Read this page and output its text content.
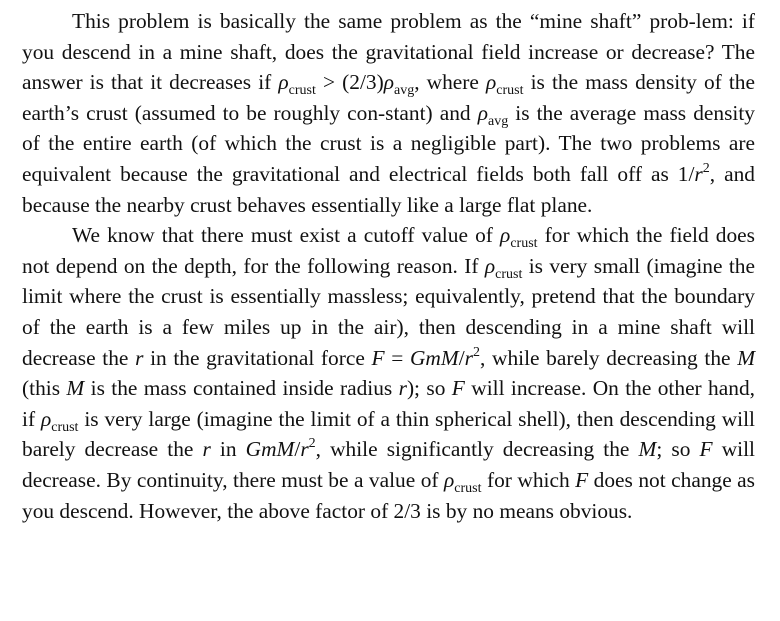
This problem is basically the same problem as the “mine shaft” prob-lem: if you descend in a mine shaft, does the gravitational field increase or decrease? The answer is that it decreases if $\rho_{crust} > (2/3)\rho_{avg}$, where $\rho_{crust}$ is the mass density of the earth’s crust (assumed to be roughly con-stant) and $\rho_{avg}$ is the average mass density of the entire earth (of which the crust is a negligible part). The two problems are equivalent because the gravitational and electrical fields both fall off as $1/r^2$, and because the nearby crust behaves essentially like a large flat plane.

We know that there must exist a cutoff value of $\rho_{crust}$ for which the field does not depend on the depth, for the following reason. If $\rho_{crust}$ is very small (imagine the limit where the crust is essentially massless; equivalently, pretend that the boundary of the earth is a few miles up in the air), then descending in a mine shaft will decrease the r in the gravitational force F = GmM/$r^2$, while barely decreasing the M (this M is the mass contained inside radius r); so F will increase. On the other hand, if $\rho_{crust}$ is very large (imagine the limit of a thin spherical shell), then descending will barely decrease the r in GmM/$r^2$, while significantly decreasing the M; so F will decrease. By continuity, there must be a value of $\rho_{crust}$ for which F does not change as you descend. However, the above factor of 2/3 is by no means obvious.
